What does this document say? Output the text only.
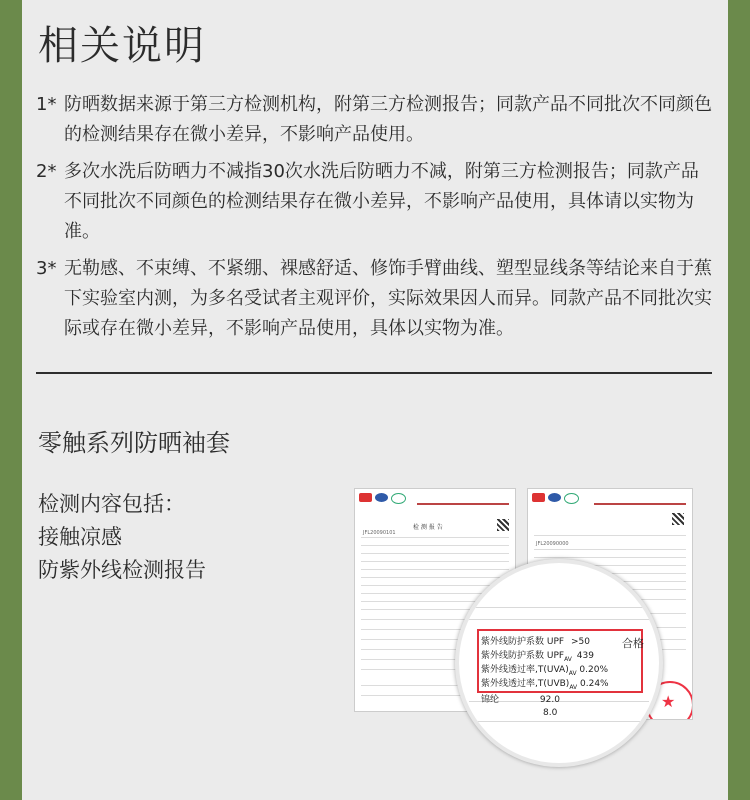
相关说明
1* 防晒数据来源于第三方检测机构，附第三方检测报告；同款产品不同批次不同颜色的检测结果存在微小差异，不影响产品使用。
2* 多次水洗后防晒力不减指30次水洗后防晒力不减，附第三方检测报告；同款产品不同批次不同颜色的检测结果存在微小差异，不影响产品使用，具体请以实物为准。
3* 无勒感、不束缚、不紧绷、裸感舒适、修饰手臂曲线、塑型显线条等结论来自于蕉下实验室内测，为多名受试者主观评价，实际效果因人而异。同款产品不同批次实际或存在微小差异，不影响产品使用，具体以实物为准。
零触系列防晒袖套
检测内容包括：
接触凉感
防紫外线检测报告
检 测 报 告
JFL20090101
JFL20090000
★
紫外线防护系数 UPF >50
紫外线防护系数 $UPF_{AV}$ 439
紫外线透过率$,T(UVA)_{AV}$ 0.20%
紫外线透过率$,T(UVB)_{AV}$ 0.24%
合格
锦纶	92.0
8.0
